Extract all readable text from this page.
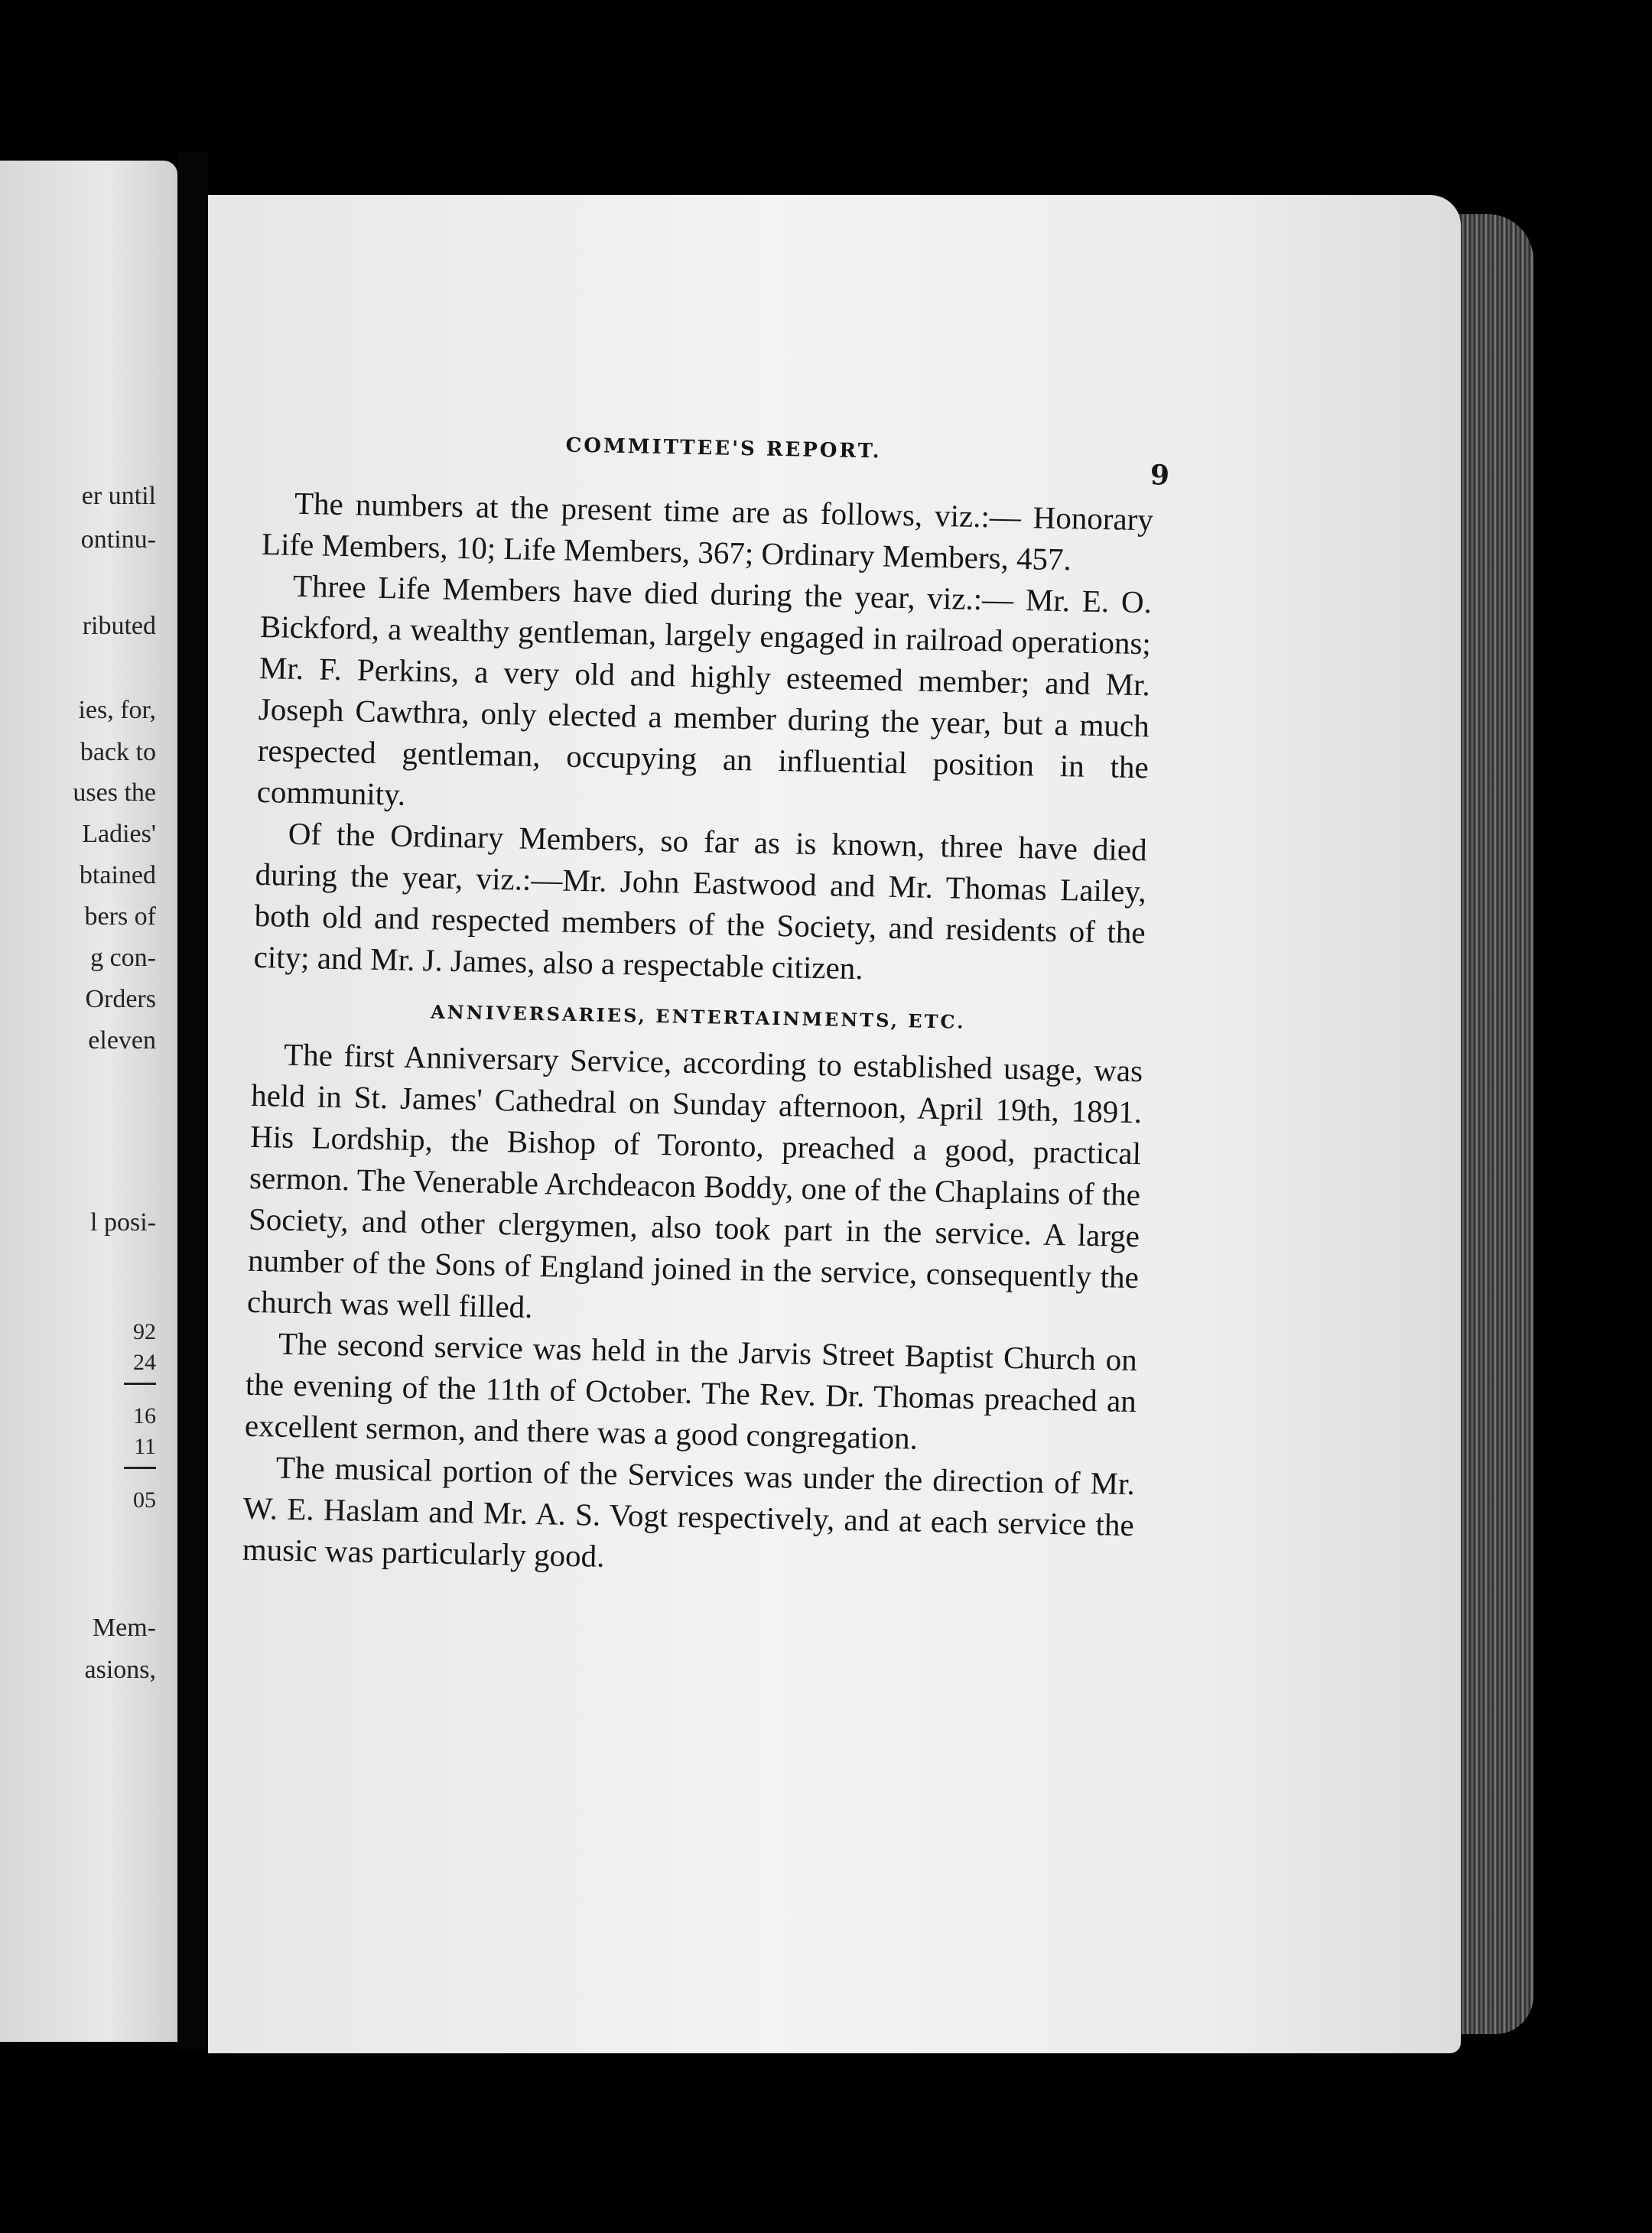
er until
ontinu-
ributed
ies, for,
back to
uses the
Ladies'
btained
bers of
g con-
Orders
eleven
l posi-
92
24
16
11
05
Mem-
asions,
COMMITTEE'S REPORT.
9

The numbers at the present time are as follows, viz.:— Honorary Life Members, 10; Life Members, 367; Ordinary Members, 457.

Three Life Members have died during the year, viz.:— Mr. E. O. Bickford, a wealthy gentleman, largely engaged in railroad operations; Mr. F. Perkins, a very old and highly esteemed member; and Mr. Joseph Cawthra, only elected a member during the year, but a much respected gentleman, occupying an influential position in the community.

Of the Ordinary Members, so far as is known, three have died during the year, viz.:—Mr. John Eastwood and Mr. Thomas Lailey, both old and respected members of the Society, and residents of the city; and Mr. J. James, also a respectable citizen.

ANNIVERSARIES, ENTERTAINMENTS, ETC.

The first Anniversary Service, according to established usage, was held in St. James' Cathedral on Sunday afternoon, April 19th, 1891. His Lordship, the Bishop of Toronto, preached a good, practical sermon. The Venerable Archdeacon Boddy, one of the Chaplains of the Society, and other clergymen, also took part in the service. A large number of the Sons of England joined in the service, consequently the church was well filled.

The second service was held in the Jarvis Street Baptist Church on the evening of the 11th of October. The Rev. Dr. Thomas preached an excellent sermon, and there was a good congregation.

The musical portion of the Services was under the direction of Mr. W. E. Haslam and Mr. A. S. Vogt respectively, and at each service the music was particularly good.
